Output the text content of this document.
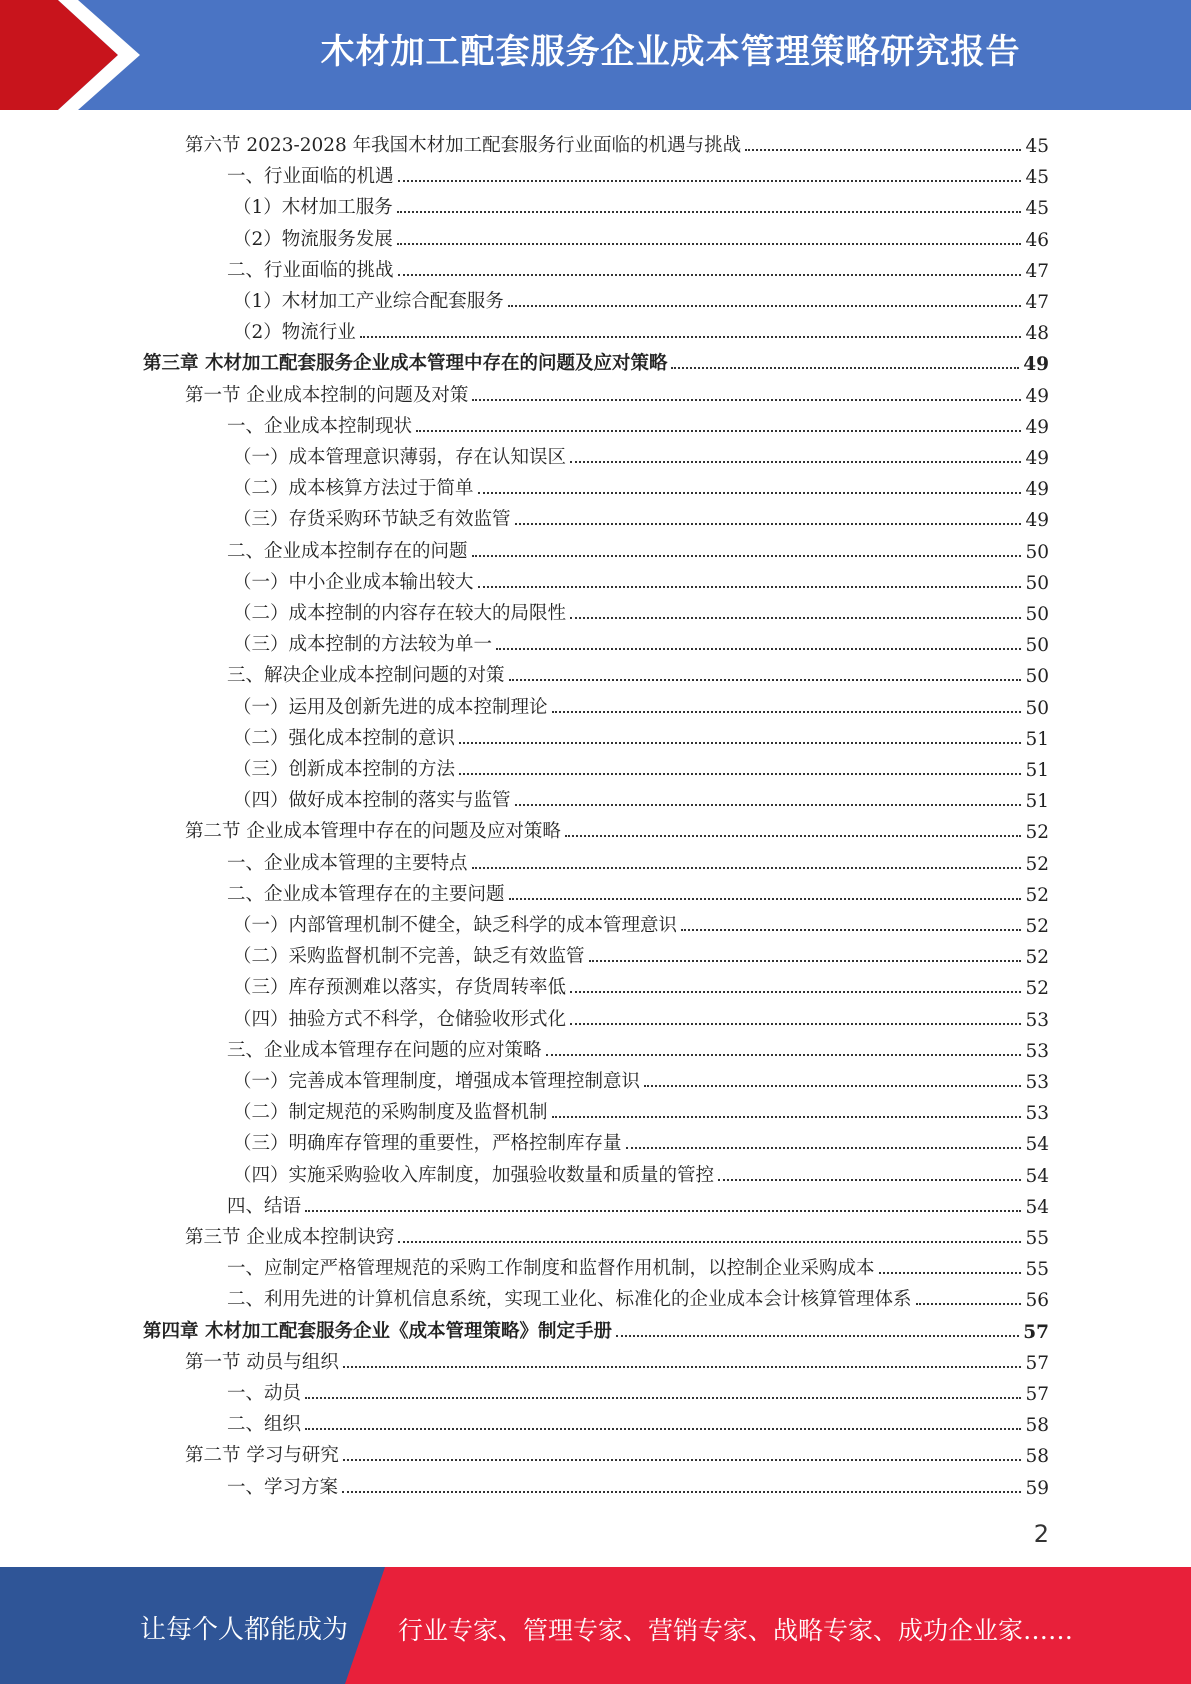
木材加工配套服务企业成本管理策略研究报告
第六节 2023-2028 年我国木材加工配套服务行业面临的机遇与挑战	45
一、行业面临的机遇	45
（1）木材加工服务	45
（2）物流服务发展	46
二、行业面临的挑战	47
（1）木材加工产业综合配套服务	47
（2）物流行业	48
第三章 木材加工配套服务企业成本管理中存在的问题及应对策略	49
第一节 企业成本控制的问题及对策	49
一、企业成本控制现状	49
（一）成本管理意识薄弱，存在认知误区	49
（二）成本核算方法过于简单	49
（三）存货采购环节缺乏有效监管	49
二、企业成本控制存在的问题	50
（一）中小企业成本输出较大	50
（二）成本控制的内容存在较大的局限性	50
（三）成本控制的方法较为单一	50
三、解决企业成本控制问题的对策	50
（一）运用及创新先进的成本控制理论	50
（二）强化成本控制的意识	51
（三）创新成本控制的方法	51
（四）做好成本控制的落实与监管	51
第二节 企业成本管理中存在的问题及应对策略	52
一、企业成本管理的主要特点	52
二、企业成本管理存在的主要问题	52
（一）内部管理机制不健全，缺乏科学的成本管理意识	52
（二）采购监督机制不完善，缺乏有效监管	52
（三）库存预测难以落实，存货周转率低	52
（四）抽验方式不科学，仓储验收形式化	53
三、企业成本管理存在问题的应对策略	53
（一）完善成本管理制度，增强成本管理控制意识	53
（二）制定规范的采购制度及监督机制	53
（三）明确库存管理的重要性，严格控制库存量	54
（四）实施采购验收入库制度，加强验收数量和质量的管控	54
四、结语	54
第三节 企业成本控制诀窍	55
一、应制定严格管理规范的采购工作制度和监督作用机制，以控制企业采购成本	55
二、利用先进的计算机信息系统，实现工业化、标准化的企业成本会计核算管理体系	56
第四章 木材加工配套服务企业《成本管理策略》制定手册	57
第一节 动员与组织	57
一、动员	57
二、组织	58
第二节 学习与研究	58
一、学习方案	59
2
让每个人都能成为 行业专家、管理专家、营销专家、战略专家、成功企业家……
